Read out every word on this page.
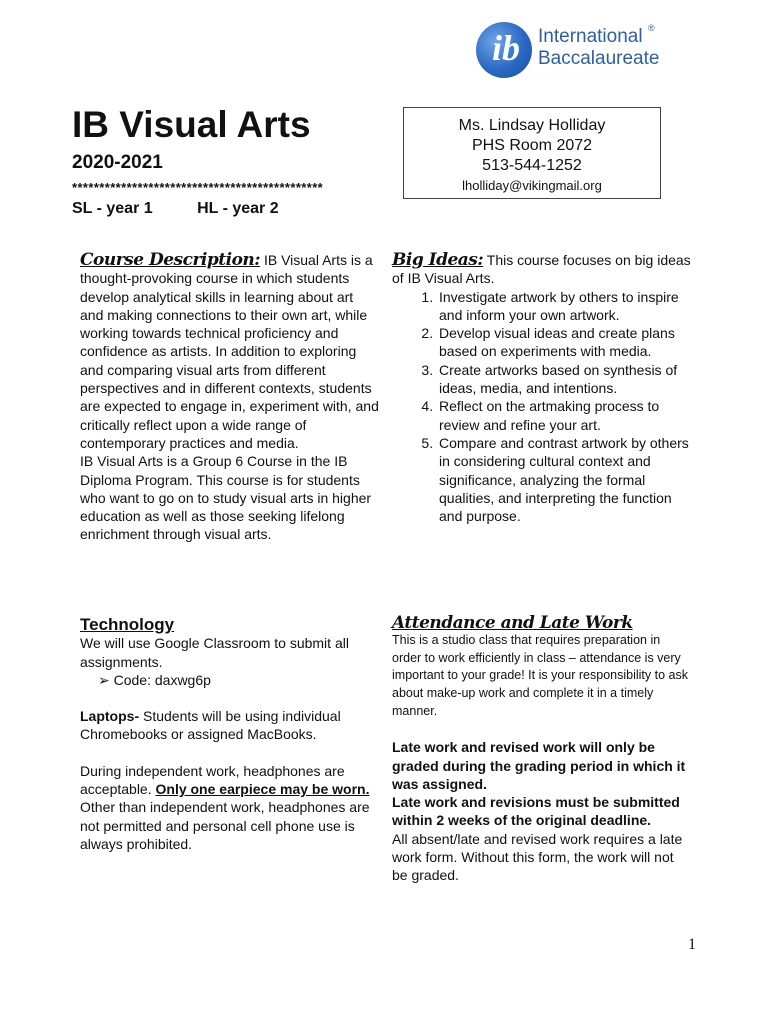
ib International
Baccalaureate
®
IB Visual Arts
2020-2021
**********************************************
SL - year 1	HL - year 2
Ms. Lindsay Holliday
PHS Room 2072
513-544-1252
lholliday@vikingmail.org

Course Description: IB Visual Arts is a thought-provoking course in which students develop analytical skills in learning about art and making connections to their own art, while working towards technical proficiency and confidence as artists. In addition to exploring and comparing visual arts from different perspectives and in different contexts, students are expected to engage in, experiment with, and critically reflect upon a wide range of contemporary practices and media.

IB Visual Arts is a Group 6 Course in the IB Diploma Program. This course is for students who want to go on to study visual arts in higher education as well as those seeking lifelong enrichment through visual arts.

Big Ideas: This course focuses on big ideas of IB Visual Arts.

1. Investigate artwork by others to inspire and inform your own artwork.
2. Develop visual ideas and create plans based on experiments with media.
3. Create artworks based on synthesis of ideas, media, and intentions.
4. Reflect on the artmaking process to review and refine your art.
5. Compare and contrast artwork by others in considering cultural context and significance, analyzing the formal qualities, and interpreting the function and purpose.
Technology

We will use Google Classroom to submit all assignments.

➢ Code: daxwg6p

Laptops- Students will be using individual Chromebooks or assigned MacBooks.

During independent work, headphones are acceptable. Only one earpiece may be worn. Other than independent work, headphones are not permitted and personal cell phone use is always prohibited.

Attendance and Late Work

This is a studio class that requires preparation in order to work efficiently in class – attendance is very important to your grade! It is your responsibility to ask about make-up work and complete it in a timely manner.

Late work and revised work will only be graded during the grading period in which it was assigned.

Late work and revisions must be submitted within 2 weeks of the original deadline.

All absent/late and revised work requires a late work form. Without this form, the work will not be graded.

1
